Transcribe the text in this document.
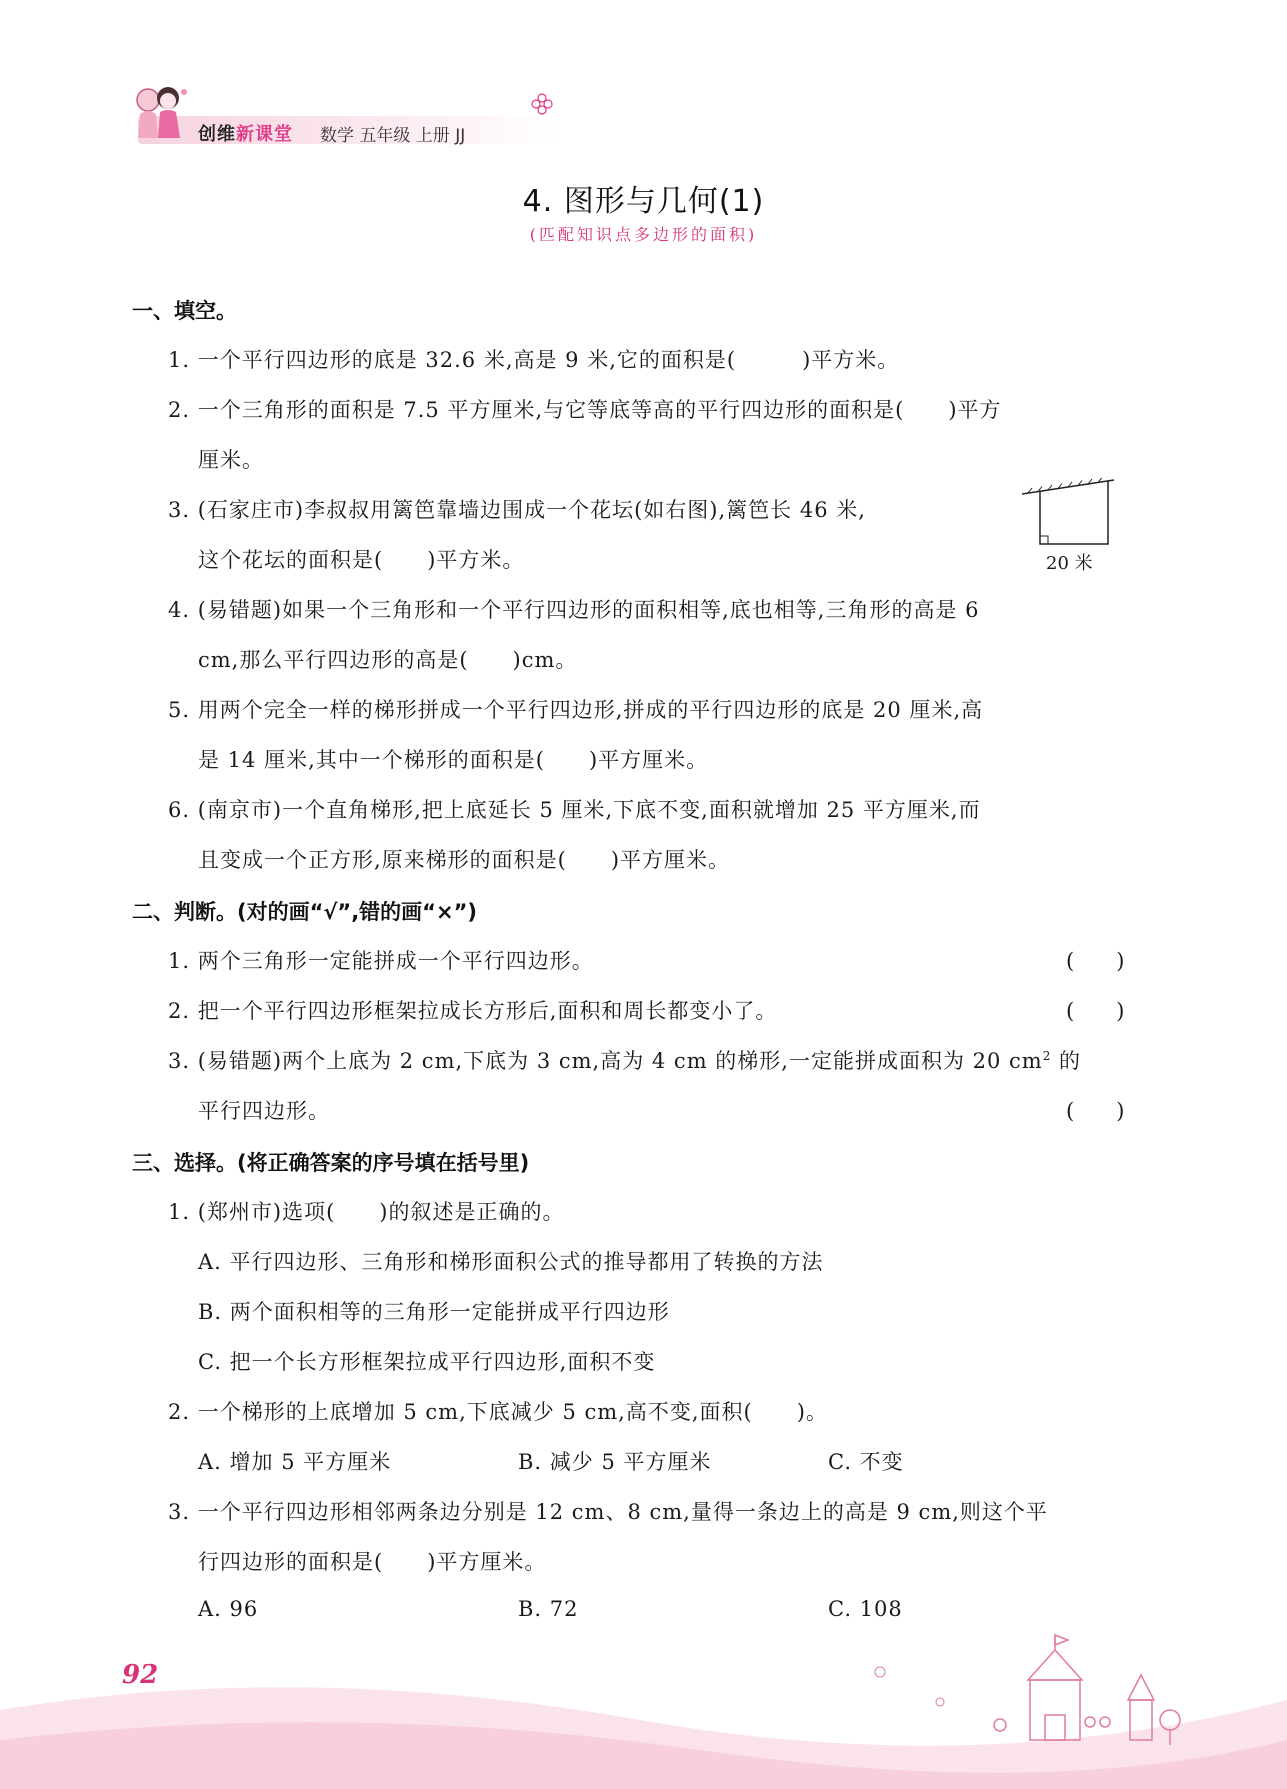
创维新课堂 数学 五年级 上册 JJ
4. 图形与几何(1)
(匹配知识点多边形的面积)
一、填空。
1. 一个平行四边形的底是 32.6 米,高是 9 米,它的面积是(　　　)平方米。
2. 一个三角形的面积是 7.5 平方厘米,与它等底等高的平行四边形的面积是(　　)平方
厘米。
3. (石家庄市)李叔叔用篱笆靠墙边围成一个花坛(如右图),篱笆长 46 米,
这个花坛的面积是(　　)平方米。	20 米
4. (易错题)如果一个三角形和一个平行四边形的面积相等,底也相等,三角形的高是 6
cm,那么平行四边形的高是(　　)cm。
5. 用两个完全一样的梯形拼成一个平行四边形,拼成的平行四边形的底是 20 厘米,高
是 14 厘米,其中一个梯形的面积是(　　)平方厘米。
6. (南京市)一个直角梯形,把上底延长 5 厘米,下底不变,面积就增加 25 平方厘米,而
且变成一个正方形,原来梯形的面积是(　　)平方厘米。
二、判断。(对的画“√”,错的画“×”)
1. 两个三角形一定能拼成一个平行四边形。	(　　)
2. 把一个平行四边形框架拉成长方形后,面积和周长都变小了。	(　　)
3. (易错题)两个上底为 2 cm,下底为 3 cm,高为 4 cm 的梯形,一定能拼成面积为 20 $cm^2$ 的
平行四边形。	(　　)
三、选择。(将正确答案的序号填在括号里)
1. (郑州市)选项(　　)的叙述是正确的。
A. 平行四边形、三角形和梯形面积公式的推导都用了转换的方法
B. 两个面积相等的三角形一定能拼成平行四边形
C. 把一个长方形框架拉成平行四边形,面积不变
2. 一个梯形的上底增加 5 cm,下底减少 5 cm,高不变,面积(　　)。
A. 增加 5 平方厘米	B. 减少 5 平方厘米	C. 不变
3. 一个平行四边形相邻两条边分别是 12 cm、8 cm,量得一条边上的高是 9 cm,则这个平
行四边形的面积是(　　)平方厘米。
A. 96	B. 72	C. 108
92
